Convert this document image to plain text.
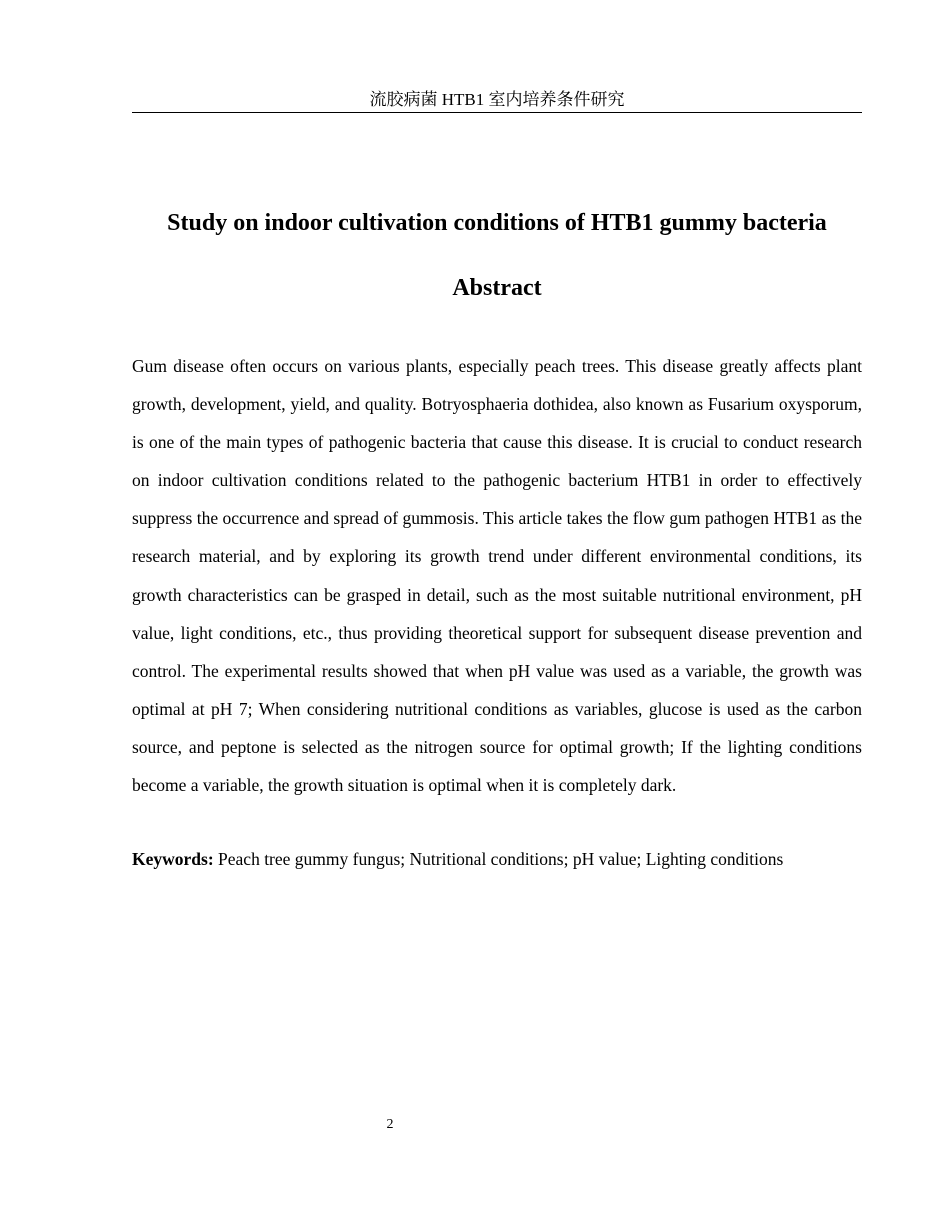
流胶病菌 HTB1 室内培养条件研究
Study on indoor cultivation conditions of HTB1 gummy bacteria
Abstract

Gum disease often occurs on various plants, especially peach trees. This disease greatly affects plant growth, development, yield, and quality. Botryosphaeria dothidea, also known as Fusarium oxysporum, is one of the main types of pathogenic bacteria that cause this disease. It is crucial to conduct research on indoor cultivation conditions related to the pathogenic bacterium HTB1 in order to effectively suppress the occurrence and spread of gummosis. This article takes the flow gum pathogen HTB1 as the research material, and by exploring its growth trend under different environmental conditions, its growth characteristics can be grasped in detail, such as the most suitable nutritional environment, pH value, light conditions, etc., thus providing theoretical support for subsequent disease prevention and control. The experimental results showed that when pH value was used as a variable, the growth was optimal at pH 7; When considering nutritional conditions as variables, glucose is used as the carbon source, and peptone is selected as the nitrogen source for optimal growth; If the lighting conditions become a variable, the growth situation is optimal when it is completely dark.

Keywords: Peach tree gummy fungus; Nutritional conditions; pH value; Lighting conditions

2
